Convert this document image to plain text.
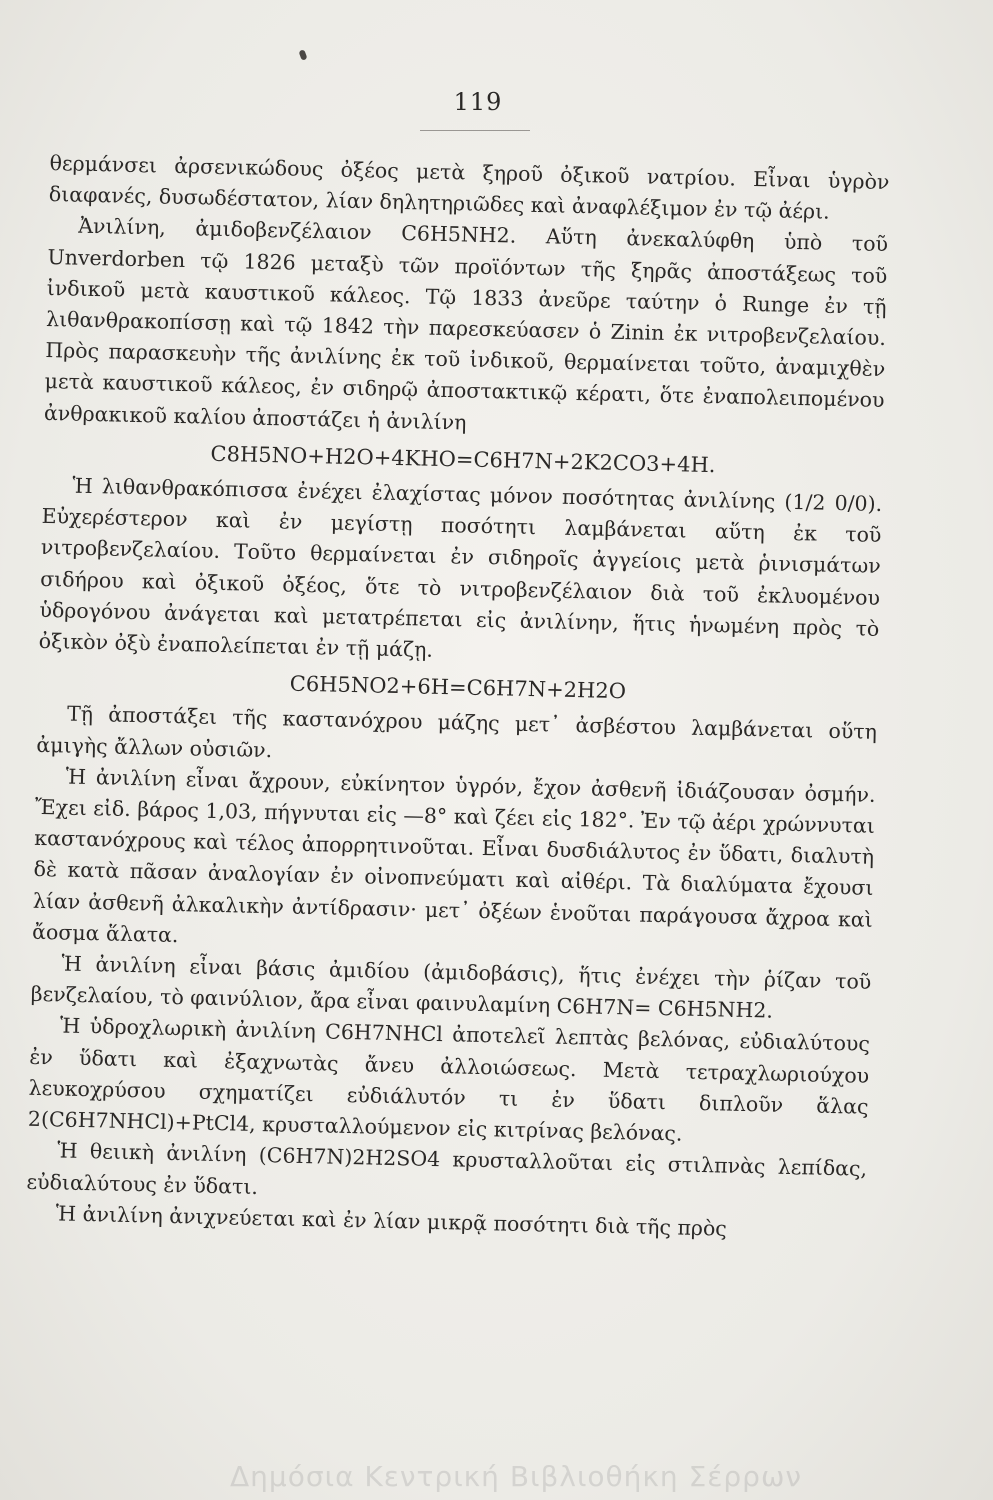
119

θερμάνσει ἀρσενικώδους ὀξέος μετὰ ξηροῦ ὀξικοῦ νατρίου. Εἶναι ὑγρὸν διαφανές, δυσωδέστατον, λίαν δηλητηριῶδες καὶ ἀναφλέξιμον ἐν τῷ ἀέρι.

Ἀνιλίνη, ἀμιδοβενζέλαιον C6H5NH2. Αὕτη ἀνεκαλύφθη ὑπὸ τοῦ Unverdorben τῷ 1826 μεταξὺ τῶν προϊόντων τῆς ξηρᾶς ἀποστάξεως τοῦ ἰνδικοῦ μετὰ καυστικοῦ κάλεος. Τῷ 1833 ἀνεῦρε ταύτην ὁ Runge ἐν τῇ λιθανθρακοπίσσῃ καὶ τῷ 1842 τὴν παρεσκεύασεν ὁ Zinin ἐκ νιτροβενζελαίου. Πρὸς παρασκευὴν τῆς ἀνιλίνης ἐκ τοῦ ἰνδικοῦ, θερμαίνεται τοῦτο, ἀναμιχθὲν μετὰ καυστικοῦ κάλεος, ἐν σιδηρῷ ἀποστακτικῷ κέρατι, ὅτε ἐναπολειπομένου ἀνθρακικοῦ καλίου ἀποστάζει ἡ ἀνιλίνη

C8H5NO+H2O+4KHO=C6H7N+2K2CO3+4H.

Ἡ λιθανθρακόπισσα ἐνέχει ἐλαχίστας μόνον ποσότητας ἀνιλίνης (1/2 0/0). Εὐχερέστερον καὶ ἐν μεγίστῃ ποσότητι λαμβάνεται αὕτη ἐκ τοῦ νιτροβενζελαίου. Τοῦτο θερμαίνεται ἐν σιδηροῖς ἀγγείοις μετὰ ῥινισμάτων σιδήρου καὶ ὀξικοῦ ὀξέος, ὅτε τὸ νιτροβενζέλαιον διὰ τοῦ ἐκλυομένου ὑδρογόνου ἀνάγεται καὶ μετατρέπεται εἰς ἀνιλίνην, ἥτις ἡνωμένη πρὸς τὸ ὀξικὸν ὀξὺ ἐναπολείπεται ἐν τῇ μάζῃ.

C6H5NO2+6H=C6H7N+2H2O

Τῇ ἀποστάξει τῆς καστανόχρου μάζης μετ᾽ ἀσβέστου λαμβάνεται οὕτη ἀμιγὴς ἄλλων οὐσιῶν.

Ἡ ἀνιλίνη εἶναι ἄχρουν, εὐκίνητον ὑγρόν, ἔχον ἀσθενῆ ἰδιάζουσαν ὀσμήν. Ἔχει εἰδ. βάρος 1,03, πήγνυται εἰς —8° καὶ ζέει εἰς 182°. Ἐν τῷ ἀέρι χρώννυται καστανόχρους καὶ τέλος ἀπορρητινοῦται. Εἶναι δυσδιάλυτος ἐν ὕδατι, διαλυτὴ δὲ κατὰ πᾶσαν ἀναλογίαν ἐν οἰνοπνεύματι καὶ αἰθέρι. Τὰ διαλύματα ἔχουσι λίαν ἀσθενῆ ἀλκαλικὴν ἀντίδρασιν· μετ᾽ ὀξέων ἑνοῦται παράγουσα ἄχροα καὶ ἄοσμα ἅλατα.

Ἡ ἀνιλίνη εἶναι βάσις ἀμιδίου (ἀμιδοβάσις), ἥτις ἐνέχει τὴν ῥίζαν τοῦ βενζελαίου, τὸ φαινύλιον, ἄρα εἶναι φαινυλαμίνη C6H7N= C6H5NH2.

Ἡ ὑδροχλωρικὴ ἀνιλίνη C6H7NHCl ἀποτελεῖ λεπτὰς βελόνας, εὐδιαλύτους ἐν ὕδατι καὶ ἐξαχνωτὰς ἄνευ ἀλλοιώσεως. Μετὰ τετραχλωριούχου λευκοχρύσου σχηματίζει εὐδιάλυτόν τι ἐν ὕδατι διπλοῦν ἅλας 2(C6H7NHCl)+PtCl4, κρυσταλλούμενον εἰς κιτρίνας βελόνας.

Ἡ θειικὴ ἀνιλίνη (C6H7N)2H2SO4 κρυσταλλοῦται εἰς στιλπνὰς λεπίδας, εὐδιαλύτους ἐν ὕδατι.

Ἡ ἀνιλίνη ἀνιχνεύεται καὶ ἐν λίαν μικρᾷ ποσότητι διὰ τῆς πρὸς

Δημόσια Κεντρική Βιβλιοθήκη Σέρρων
